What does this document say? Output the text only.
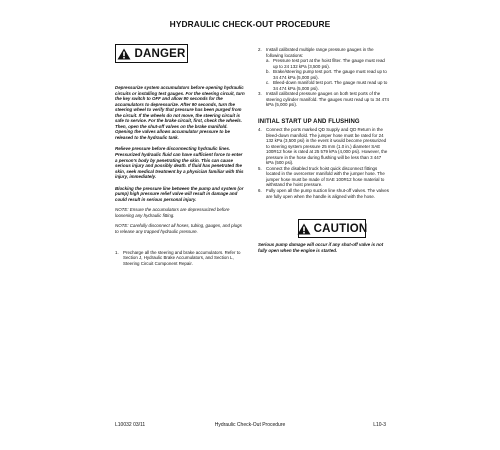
HYDRAULIC CHECK-OUT PROCEDURE
DANGER

Depressurize system accumulators before opening hydraulic circuits or installing test gauges. For the steering circuit, turn the key switch to OFF and allow 90 seconds for the accumulators to depressurize. After 90 seconds, turn the steering wheel to verify that pressure has been purged from the circuit. If the wheels do not move, the steering circuit is safe to service. For the brake circuit, first, check the wheels. Then, open the shut-off valves on the brake manifold. Opening the valves allows accumulator pressure to be released to the hydraulic tank.

Relieve pressure before disconnecting hydraulic lines. Pressurized hydraulic fluid can have sufficient force to enter a person's body by penetrating the skin. This can cause serious injury and possibly death. If fluid has penetrated the skin, seek medical treatment by a physician familiar with this injury, immediately.

Blocking the pressure line between the pump and system (or pump) high pressure relief valve will result in damage and could result in serious personal injury.

NOTE: Ensure the accumulators are depressurized before loosening any hydraulic fitting.

NOTE: Carefully disconnect all hoses, tubing, gauges, and plugs to release any trapped hydraulic pressure.

1. Precharge all the steering and brake accumulators. Refer to Section J, Hydraulic Brake Accumulators, and Section L, Steering Circuit Component Repair.
2. Install calibrated multiple range pressure gauges in the following locations:
a. Pressure test port at the hoist filter. The gauge must read up to 24 132 kPa (3,500 psi).
b. Brake/steering pump test port. The gauge must read up to 34 474 kPa (5,000 psi).
c. Bleed-down manifold test port. The gauge must read up to 34 474 kPa (5,000 psi).
3. Install calibrated pressure gauges on both test ports of the steering cylinder manifold. The gauges must read up to 34 474 kPa (5,000 psi).
INITIAL START UP AND FLUSHING
4. Connect the ports marked QD Supply and QD Return in the bleed-down manifold. The jumper hose must be rated for 24 132 kPa (3,500 psi) in the event it would become pressurized to steering system pressure 25 mm (1.0 in.) diameter SAE 100R12 hose is rated at 25 579 kPa (4,000 psi). However, the pressure in the hose during flushing will be less than 3 447 kPa (500 psi).
5. Connect the disabled truck hoist quick disconnect fittings located in the overcenter manifold with the jumper hose. The jumper hose must be made of SAE 100R12 hose material to withstand the hoist pressure.
6. Fully open all the pump suction line shut-off valves. The valves are fully open when the handle is aligned with the hose.
CAUTION

Serious pump damage will occur if any shut-off valve is not fully open when the engine is started.

L10032 03/11	Hydraulic Check-Out Procedure	L10-3
